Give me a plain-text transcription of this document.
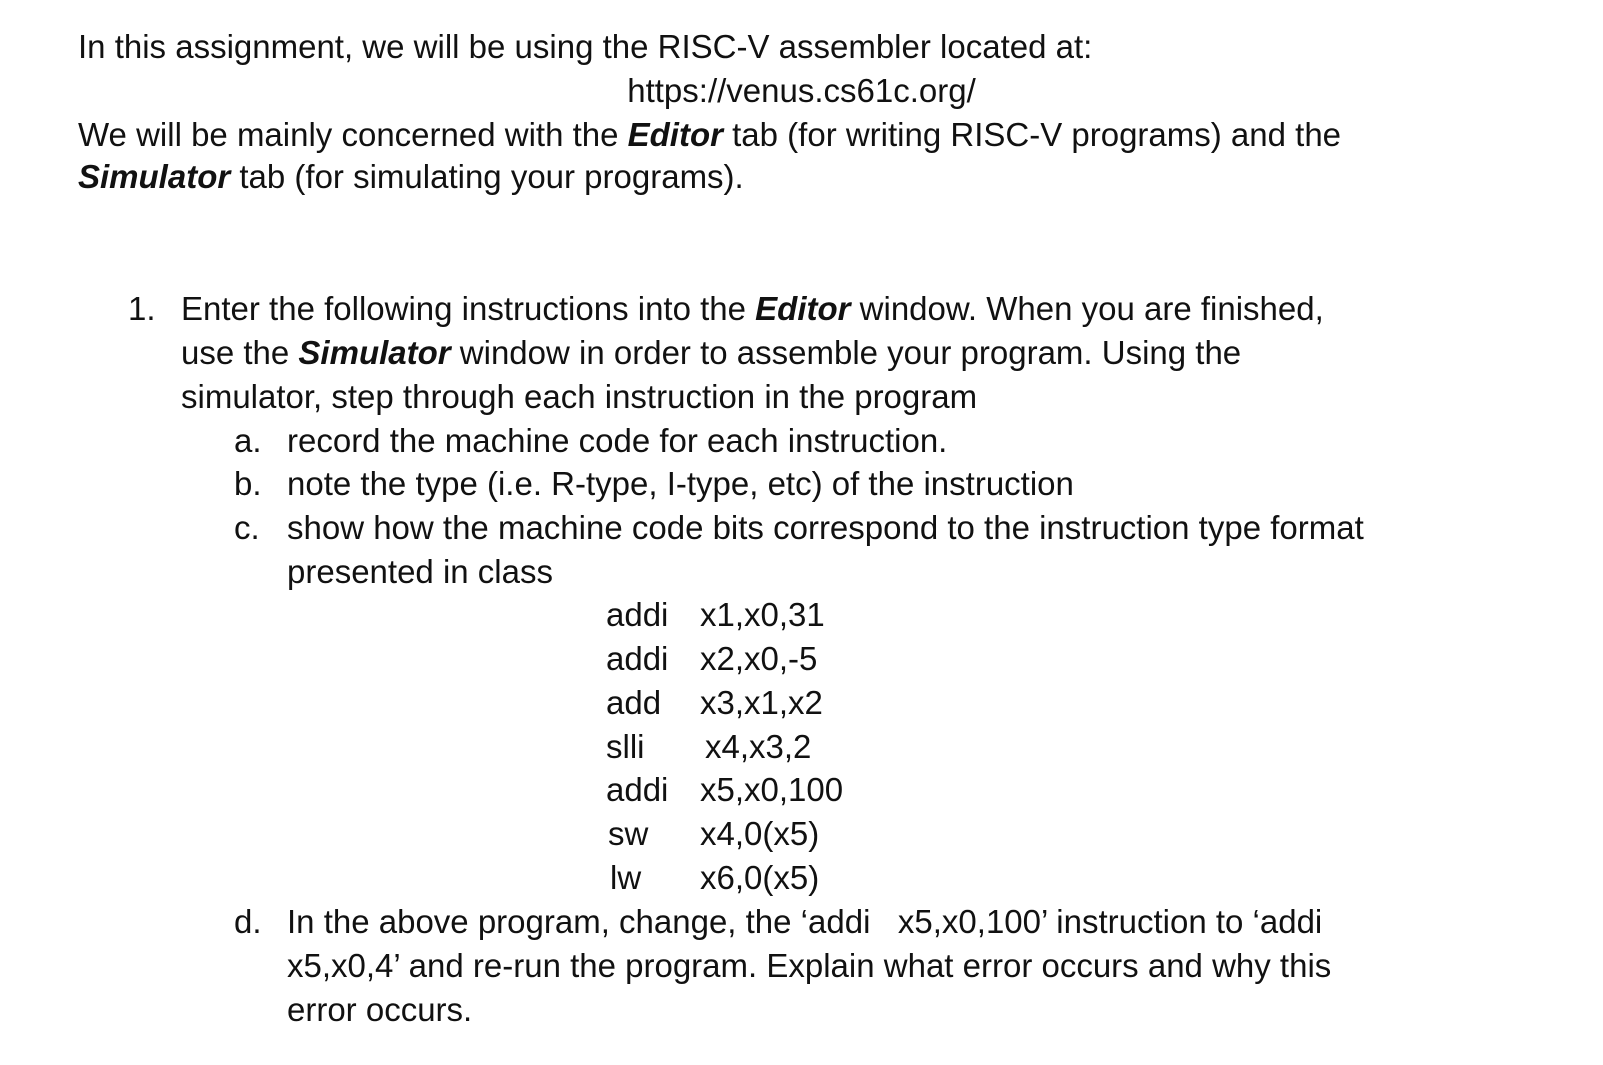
In this assignment, we will be using the RISC-V assembler located at:
https://venus.cs61c.org/
We will be mainly concerned with the Editor tab (for writing RISC-V programs) and the
Simulator tab (for simulating your programs).
1. Enter the following instructions into the Editor window. When you are finished,
use the Simulator window in order to assemble your program. Using the
simulator, step through each instruction in the program
a. record the machine code for each instruction.
b. note the type (i.e. R-type, I-type, etc) of the instruction
c. show how the machine code bits correspond to the instruction type format
presented in class
addi x1,x0,31
addi x2,x0,-5
add x3,x1,x2
slli x4,x3,2
addi x5,x0,100
sw x4,0(x5)
lw x6,0(x5)
d. In the above program, change, the ‘addi   x5,x0,100’ instruction to ‘addi
x5,x0,4’ and re-run the program. Explain what error occurs and why this
error occurs.
